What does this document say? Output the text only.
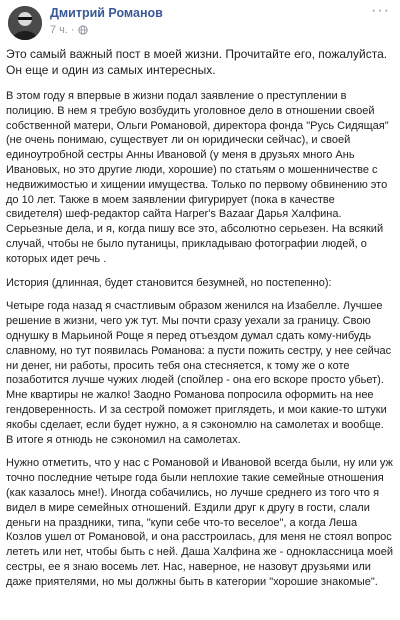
Дмитрий Романов
7 ч. ·
···

Это самый важный пост в моей жизни. Прочитайте его, пожалуйста. Он еще и один из самых интересных.

В этом году я впервые в жизни подал заявление о преступлении в полицию. В нем я требую возбудить уголовное дело в отношении своей собственной матери, Ольги Романовой, директора фонда "Русь Сидящая" (не очень понимаю, существует ли он юридически сейчас), и своей единоутробной сестры Анны Ивановой (у меня в друзьях много Ань Ивановых, но это другие люди, хорошие) по статьям о мошенничестве с недвижимостью и хищении имущества. Только по первому обвинению это до 10 лет. Также в моем заявлении фигурирует (пока в качестве свидетеля) шеф-редактор сайта Harper's Bazaar Дарья Халфина. Серьезные дела, и я, когда пишу все это, абсолютно серьезен. На всякий случай, чтобы не было путаницы, прикладываю фотографии людей, о которых идет речь .

История (длинная, будет становится безумней, но постепенно):

Четыре года назад я счастливым образом женился на Изабелле. Лучшее решение в жизни, чего уж тут. Мы почти сразу уехали за границу. Свою однушку в Марьиной Роще я перед отъездом думал сдать кому-нибудь славному, но тут появилась Романова: а пусти пожить сестру, у нее сейчас ни денег, ни работы, просить тебя она стесняется, к тому же о коте позаботится лучше чужих людей (спойлер - она его вскоре просто убьет). Мне квартиры не жалко! Заодно Романова попросила оформить на нее гендоверенность. И за сестрой поможет приглядеть, и мои какие-то штуки якобы сделает, если будет нужно, а я сэкономлю на самолетах и вообще. В итоге я отнюдь не сэкономил на самолетах.

Нужно отметить, что у нас с Романовой и Ивановой всегда были, ну или уж точно последние четыре года были неплохие такие семейные отношения (как казалось мне!). Иногда собачились, но лучше среднего из того что я видел в мире семейных отношений. Ездили друг к другу в гости, слали деньги на праздники, типа, "купи себе что-то веселое", а когда Леша Козлов ушел от Романовой, и она расстроилась, для меня не стоял вопрос лететь или нет, чтобы быть с ней. Даша Халфина же - одноклассница моей сестры, ее я знаю восемь лет. Нас, наверное, не назовут друзьями или даже приятелями, но мы должны быть в категории "хорошие знакомые".
